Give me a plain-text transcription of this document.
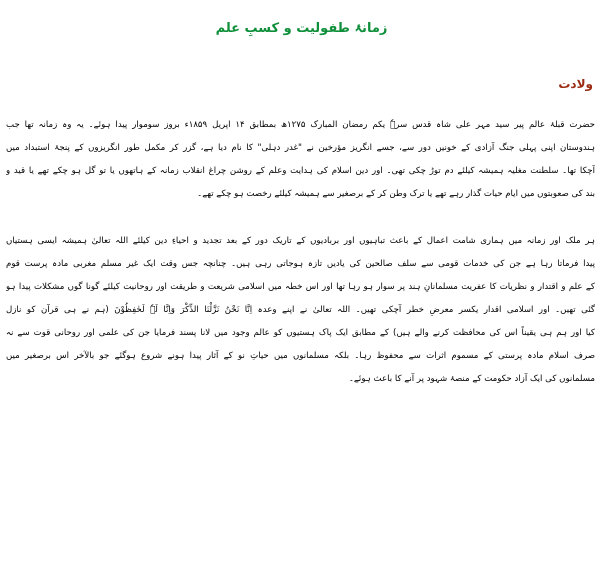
زمانۂ طفولیت و کسبِ علم
ولادت
حضرت قبلۂ عالم پیر سید مہر علی شاہ قدس سرہٗ یکم رمضان المبارک ۱۲۷۵ھ بمطابق ۱۴ اپریل ۱۸۵۹ء بروز سوموار پیدا ہوئے۔ یہ وہ زمانہ تھا جب
ہندوستان اپنی پہلی جنگ آزادی کے خونیں دور سے، جسے انگریز مؤرخین نے "غدر دہلی" کا نام دیا ہے، گزر کر مکمل طور انگریزوں کے پنجۂ استبداد میں
آچکا تھا۔ سلطنت مغلیہ ہمیشہ کیلئے دم توڑ چکی تھی۔ اور دین اسلام کی ہدایت وعلم کے روشن چراغ انقلاب زمانہ کے ہاتھوں یا تو گل ہو چکے تھے یا قید و
بند کی صعوبتوں میں ایام حیات گذار رہے تھے یا ترک وطن کر کے برصغیر سے ہمیشہ کیلئے رخصت ہو چکے تھے۔
ہر ملک اور زمانہ میں ہماری شامت اعمال کے باعث تباہیوں اور بربادیوں کے تاریک دور کے بعد تجدید و احیاءِ دین کیلئے اللہ تعالیٰ ہمیشہ ایسی ہستیاں
پیدا فرماتا رہا ہے جن کی خدمات قومی سے سلف صالحین کی یادیں تازہ ہوجاتی رہی ہیں۔ چنانچہ جس وقت ایک غیر مسلم مغربی مادہ پرست قوم
کے علم و اقتدار و نظریات کا عفریت مسلمانانِ ہند پر سوار ہو رہا تھا اور اس خطہ میں اسلامی شریعت و طریقت اور روحانیت کیلئے گونا گوں مشکلات پیدا ہو
گئی تھیں۔ اور اسلامی اقدار یکسر معرضِ خطر آچکی تھیں۔ اللہ تعالیٰ نے اپنے وعدہ اِنَّا نَحْنُ نَزَّلْنَا الذِّکْرَ وَاِنَّا لَہٗ لَحٰفِظُوْنَ (ہم نے ہی قرآن کو نازل
کیا اور ہم ہی یقیناً اس کی محافظت کرنے والے ہیں) کے مطابق ایک پاک ہستیوں کو عالم وجود میں لانا پسند فرمایا جن کی علمی اور روحانی قوت سے نہ
صرف اسلام مادہ پرستی کے مسموم اثرات سے محفوظ رہا۔ بلکہ مسلمانوں میں حیاتِ نو کے آثار پیدا ہونے شروع ہوگئے جو بالآخر اس برصغیر میں
مسلمانوں کی ایک آزاد حکومت کے منصۂ شہود پر آنے کا باعث ہوئے۔
